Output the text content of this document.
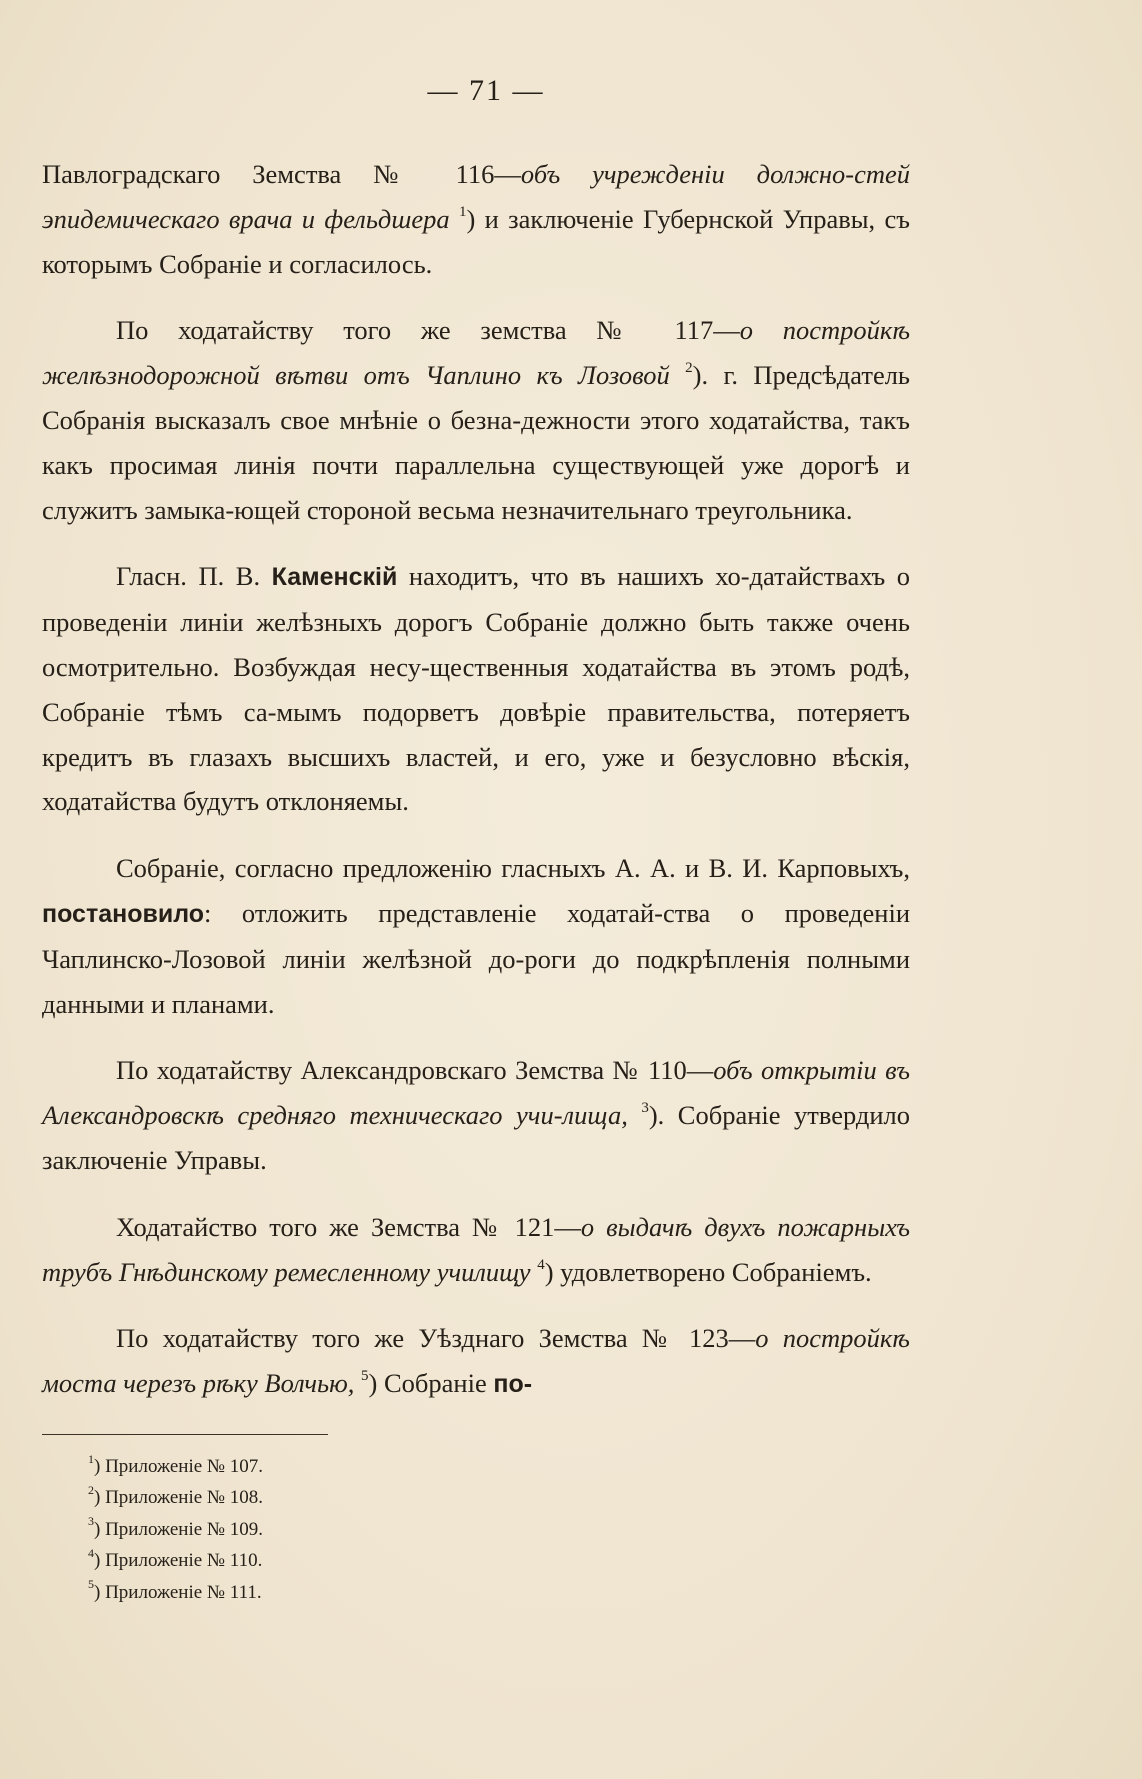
— 71 —

Павлоградскаго Земства № 116—объ учрежденіи должно-стей эпидемическаго врача и фельдшера $^1$) и заключеніе Губернской Управы, съ которымъ Собраніе и согласилось.

По ходатайству того же земства № 117—о постройкѣ желѣзнодорожной вѣтви отъ Чаплино къ Лозовой $^2$). г. Предсѣдатель Собранія высказалъ свое мнѣніе о безна-дежности этого ходатайства, такъ какъ просимая линія почти параллельна существующей уже дорогѣ и служитъ замыка-ющей стороной весьма незначительнаго треугольника.

Гласн. П. В. Каменскій находитъ, что въ нашихъ хо-датайствахъ о проведеніи линіи желѣзныхъ дорогъ Собраніе должно быть также очень осмотрительно. Возбуждая несу-щественныя ходатайства въ этомъ родѣ, Собраніе тѣмъ са-мымъ подорветъ довѣріе правительства, потеряетъ кредитъ въ глазахъ высшихъ властей, и его, уже и безусловно вѣскія, ходатайства будутъ отклоняемы.

Собраніе, согласно предложенію гласныхъ А. А. и В. И. Карповыхъ, постановило: отложить представленіе ходатай-ства о проведеніи Чаплинско-Лозовой линіи желѣзной до-роги до подкрѣпленія полными данными и планами.

По ходатайству Александровскаго Земства № 110—объ открытіи въ Александровскѣ средняго техническаго учи-лища, $^3$). Собраніе утвердило заключеніе Управы.

Ходатайство того же Земства № 121—о выдачѣ двухъ пожарныхъ трубъ Гнѣдинскому ремесленному училищу $^4$) удовлетворено Собраніемъ.

По ходатайству того же Уѣзднаго Земства № 123—о постройкѣ моста черезъ рѣку Волчью, $^5$) Собраніе по-

$^1$) Приложеніе № 107.
$^2$) Приложеніе № 108.
$^3$) Приложеніе № 109.
$^4$) Приложеніе № 110.
$^5$) Приложеніе № 111.
